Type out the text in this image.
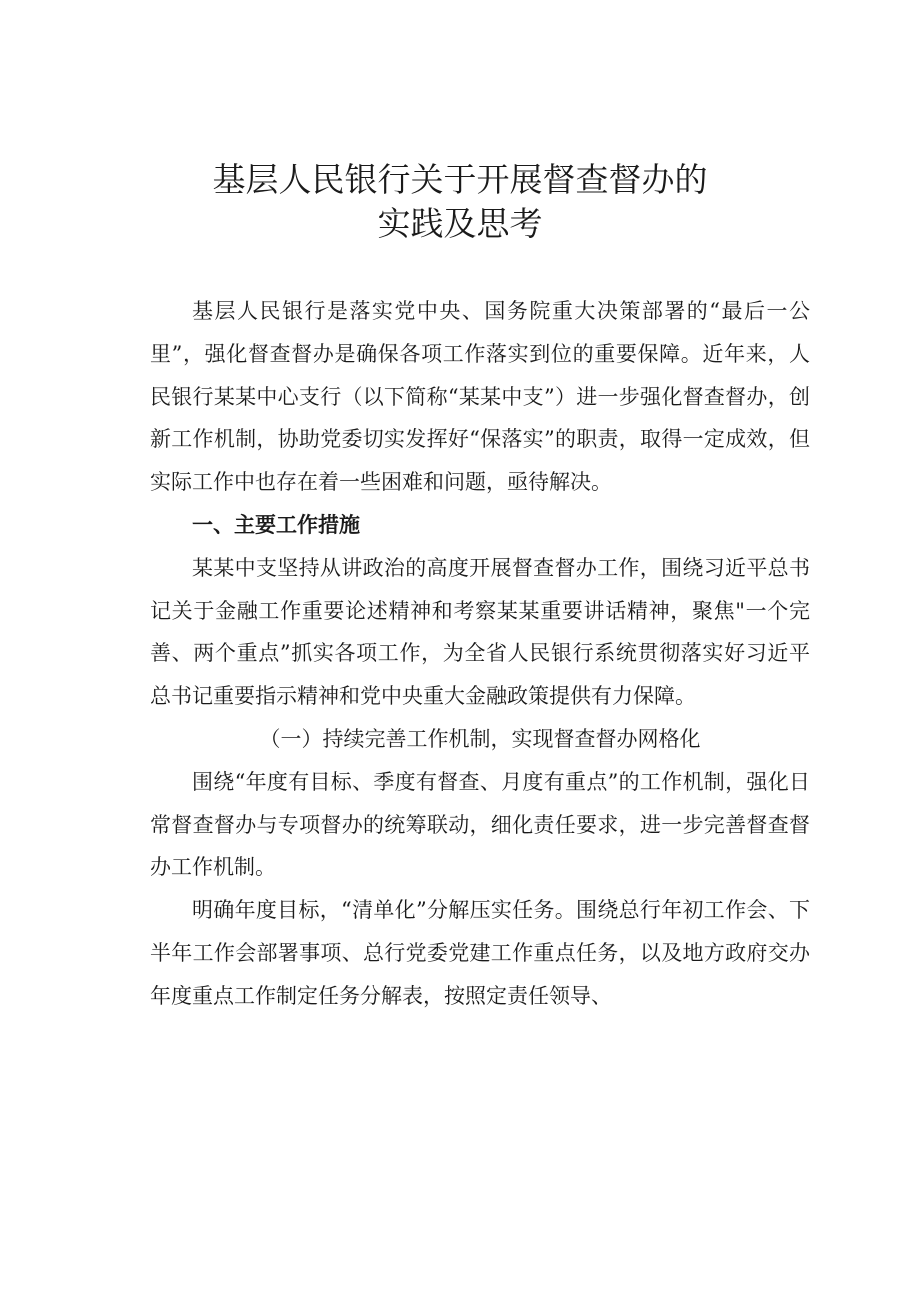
基层人民银行关于开展督查督办的
实践及思考

基层人民银行是落实党中央、国务院重大决策部署的“最后一公里”，强化督查督办是确保各项工作落实到位的重要保障。近年来，人民银行某某中心支行（以下简称“某某中支”）进一步强化督查督办，创新工作机制，协助党委切实发挥好“保落实”的职责，取得一定成效，但实际工作中也存在着一些困难和问题，亟待解决。

一、主要工作措施

某某中支坚持从讲政治的高度开展督查督办工作，围绕习近平总书记关于金融工作重要论述精神和考察某某重要讲话精神，聚焦"一个完善、两个重点”抓实各项工作，为全省人民银行系统贯彻落实好习近平总书记重要指示精神和党中央重大金融政策提供有力保障。

（一）持续完善工作机制，实现督查督办网格化

围绕“年度有目标、季度有督查、月度有重点”的工作机制，强化日常督查督办与专项督办的统筹联动，细化责任要求，进一步完善督查督办工作机制。

明确年度目标，“清单化”分解压实任务。围绕总行年初工作会、下半年工作会部署事项、总行党委党建工作重点任务，以及地方政府交办年度重点工作制定任务分解表，按照定责任领导、
